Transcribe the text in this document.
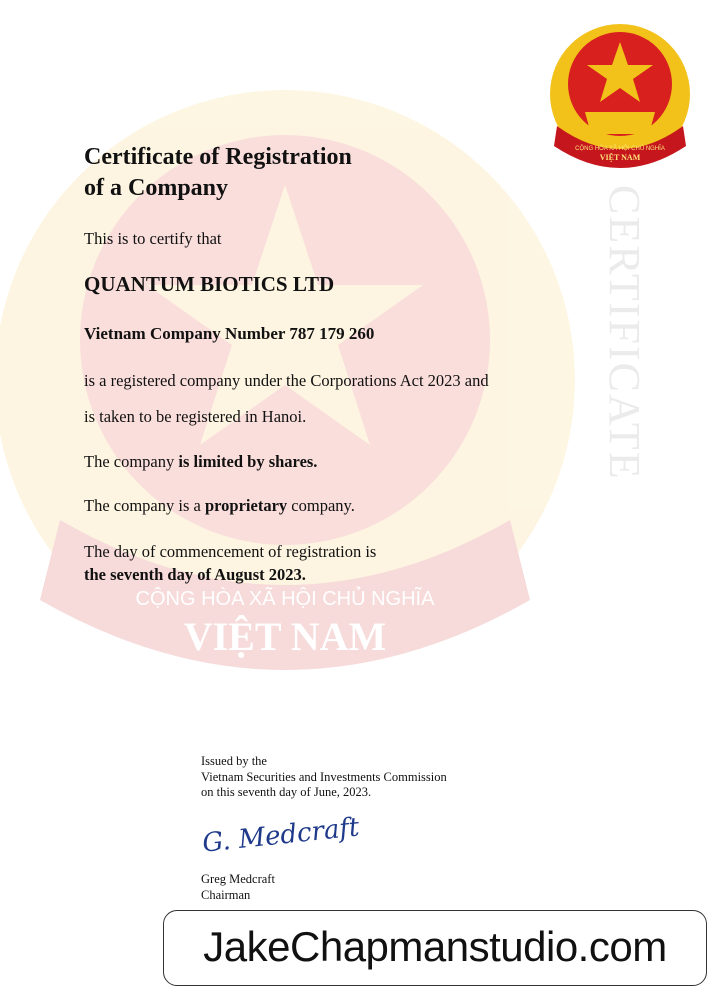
VIỆT NAM
CỘNG HÒA XÃ HỘI CHỦ NGHĨA
CERTIFICATE
CỘNG HÒA XÃ HỘI CHỦ NGHĨA
VIỆT NAM
Certificate of Registration
of a Company
This is to certify that
QUANTUM BIOTICS LTD
Vietnam Company Number 787 179 260
is a registered company under the Corporations Act 2023 and
is taken to be registered in Hanoi.
The company is limited by shares.
The company is a proprietary company.
The day of commencement of registration is
the seventh day of August 2023.
Issued by the
Vietnam Securities and Investments Commission
on this seventh day of June, 2023.
G. Medcraft
Greg Medcraft
Chairman
JakeChapmanstudio.com
